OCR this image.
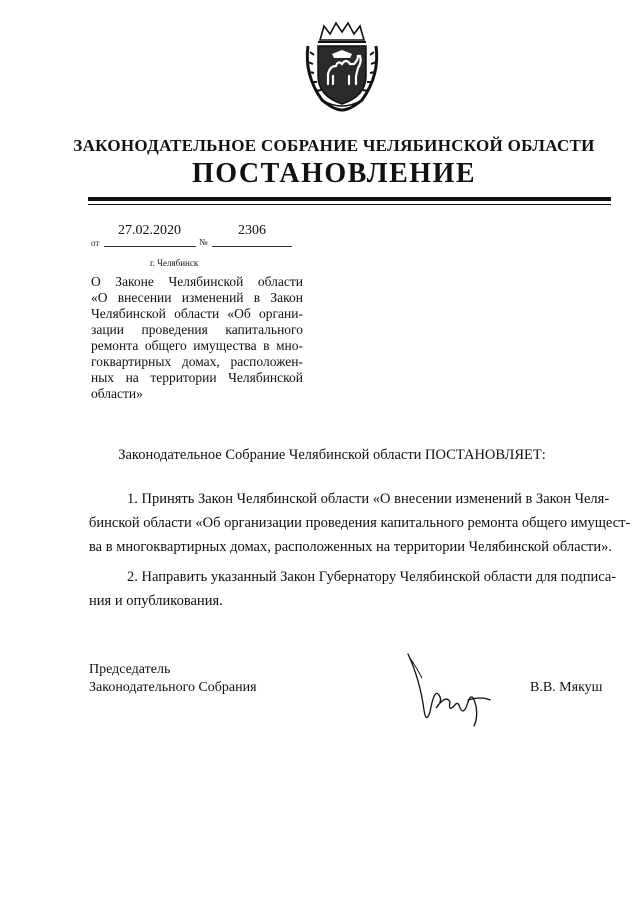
ЗАКОНОДАТЕЛЬНОЕ СОБРАНИЕ ЧЕЛЯБИНСКОЙ ОБЛАСТИ
ПОСТАНОВЛЕНИЕ
от
27.02.2020
№
2306
г. Челябинск
О Законе Челябинской области
«О внесении изменений в Закон
Челябинской области «Об органи-
зации проведения капитального
ремонта общего имущества в мно-
гоквартирных домах, расположен-
ных на территории Челябинской
области»
Законодательное Собрание Челябинской области ПОСТАНОВЛЯЕТ:
1. Принять Закон Челябинской области «О внесении изменений в Закон Челя-
бинской области «Об организации проведения капитального ремонта общего имущест-
ва в многоквартирных домах, расположенных на территории Челябинской области».
2. Направить указанный Закон Губернатору Челябинской области для подписа-
ния и опубликования.
Председатель
Законодательного Собрания	В.В. Мякуш
